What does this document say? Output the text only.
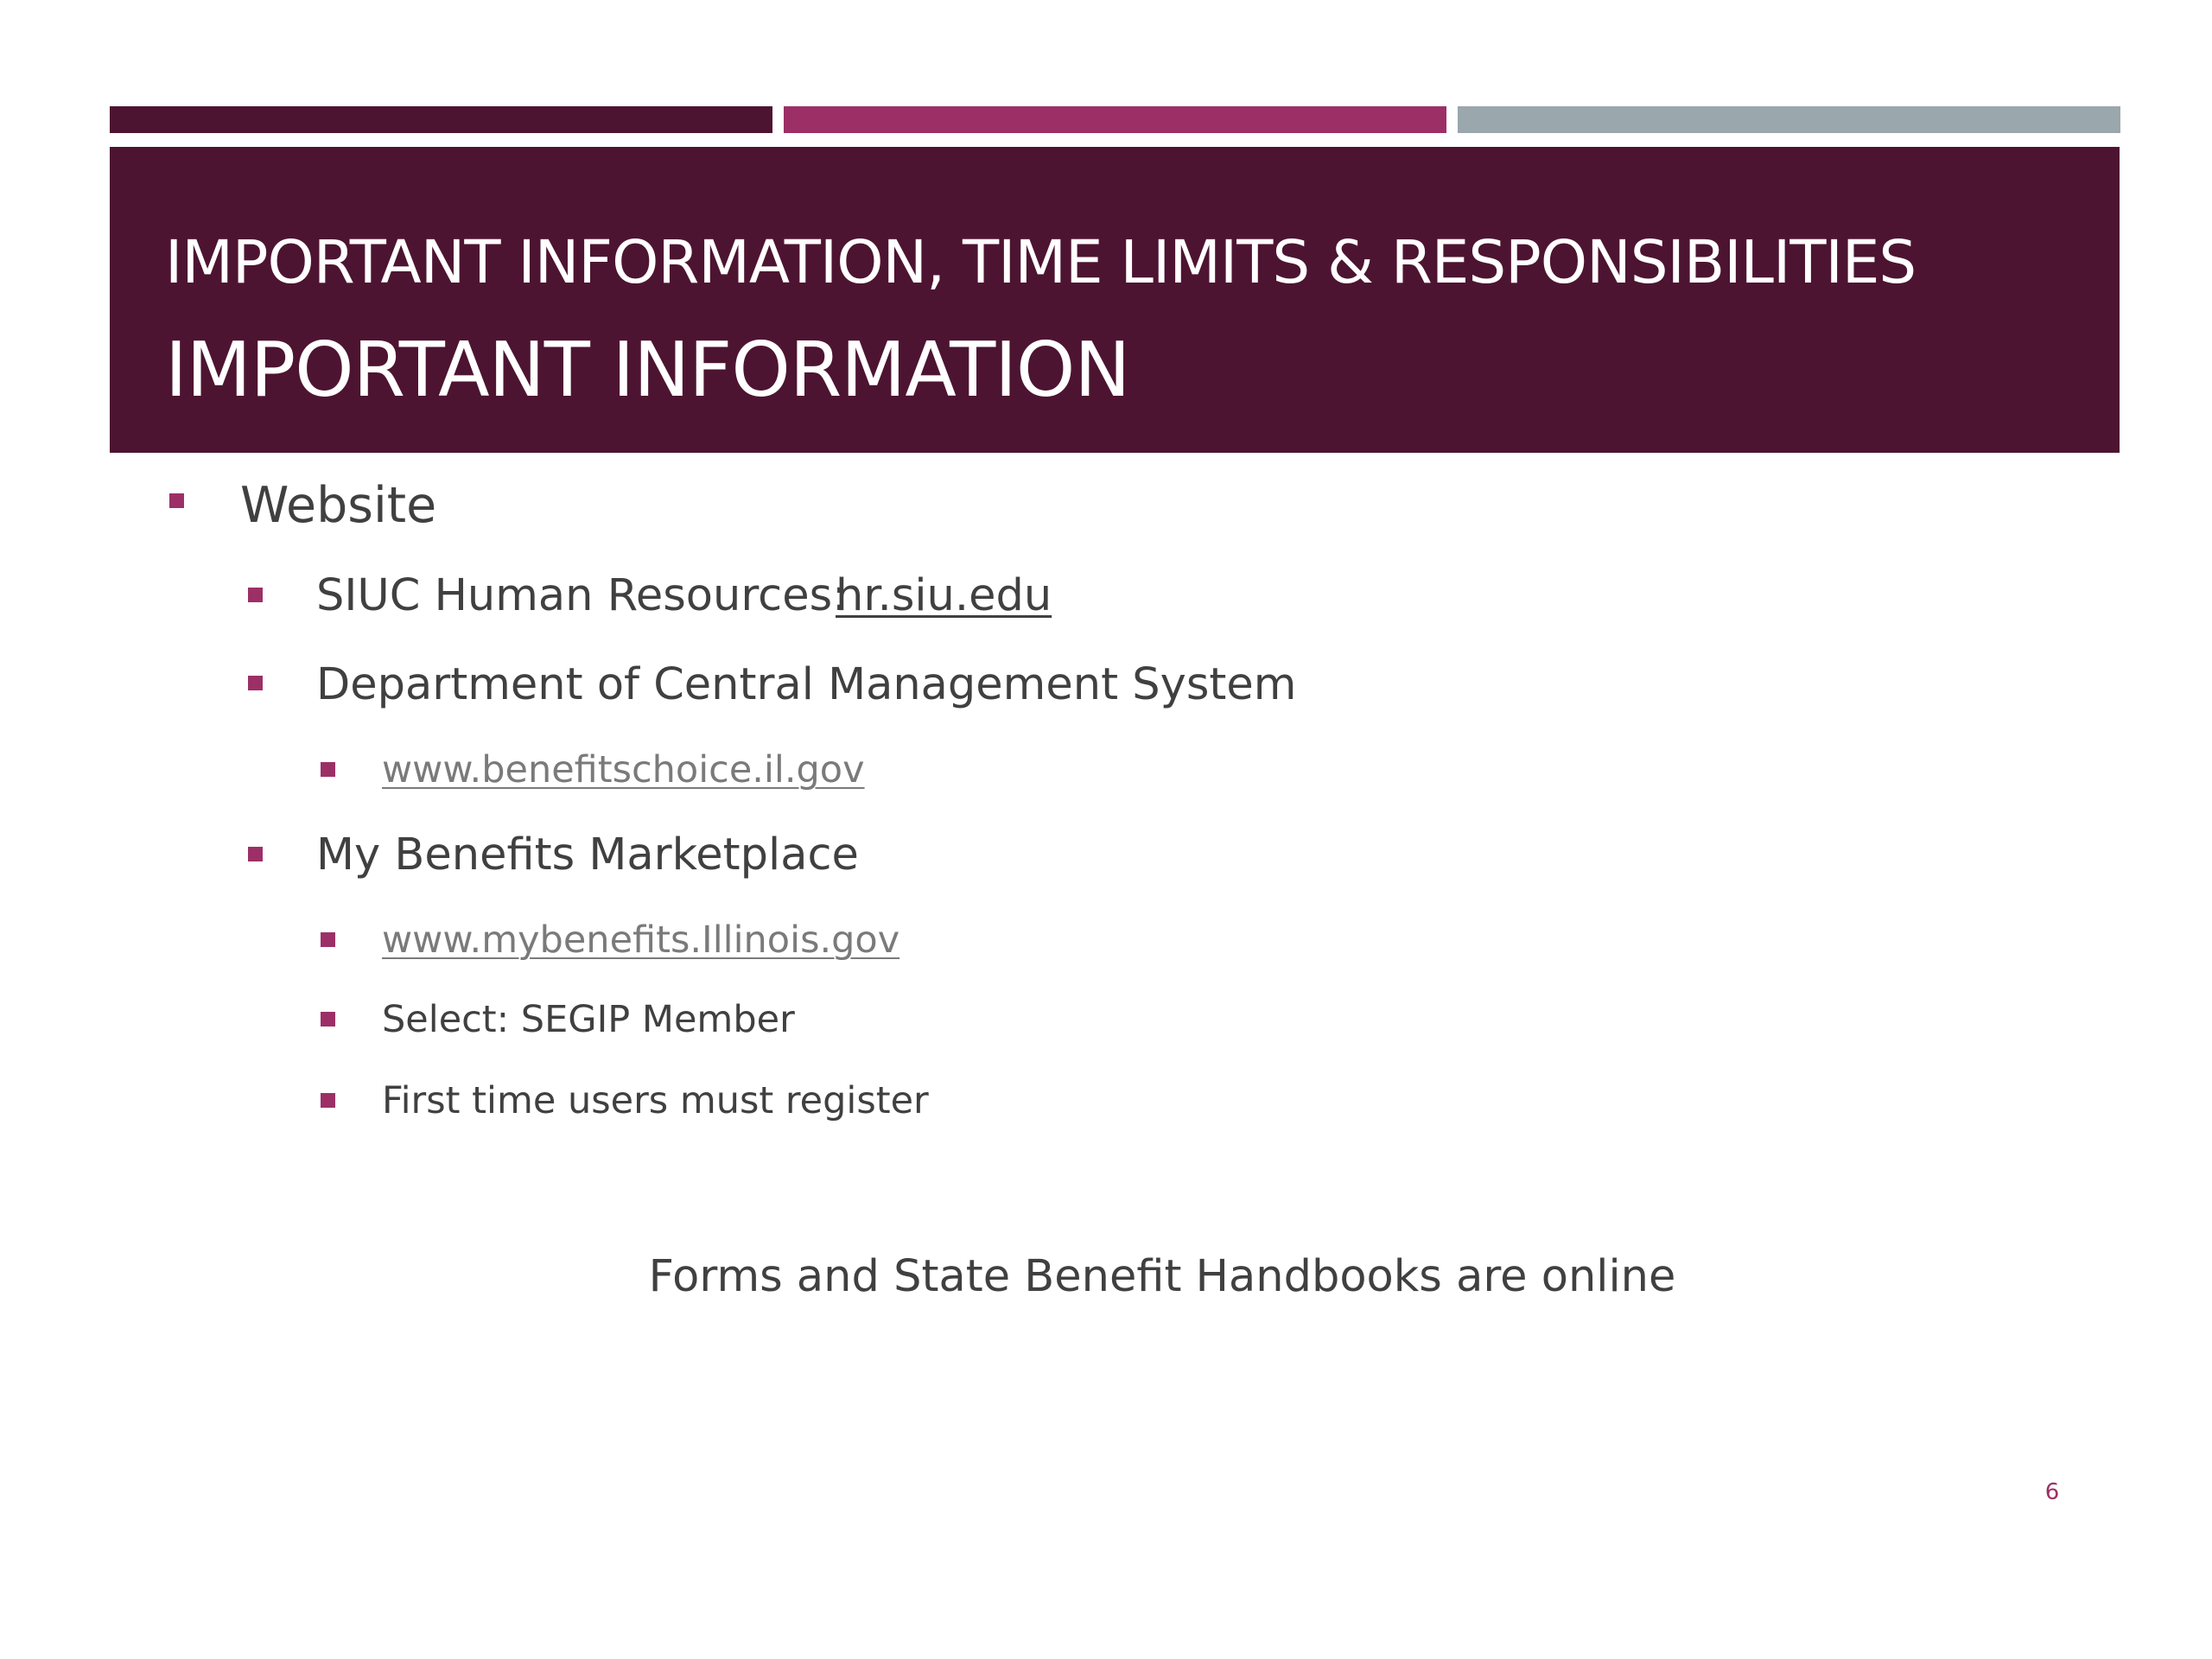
IMPORTANT INFORMATION, TIME LIMITS & RESPONSIBILITIES
IMPORTANT INFORMATION
Website
SIUC Human Resources:
hr.siu.edu
Department of Central Management System
www.benefitschoice.il.gov
My Benefits Marketplace
www.mybenefits.Illinois.gov
Select: SEGIP Member
First time users must register
Forms and State Benefit Handbooks are online
6
